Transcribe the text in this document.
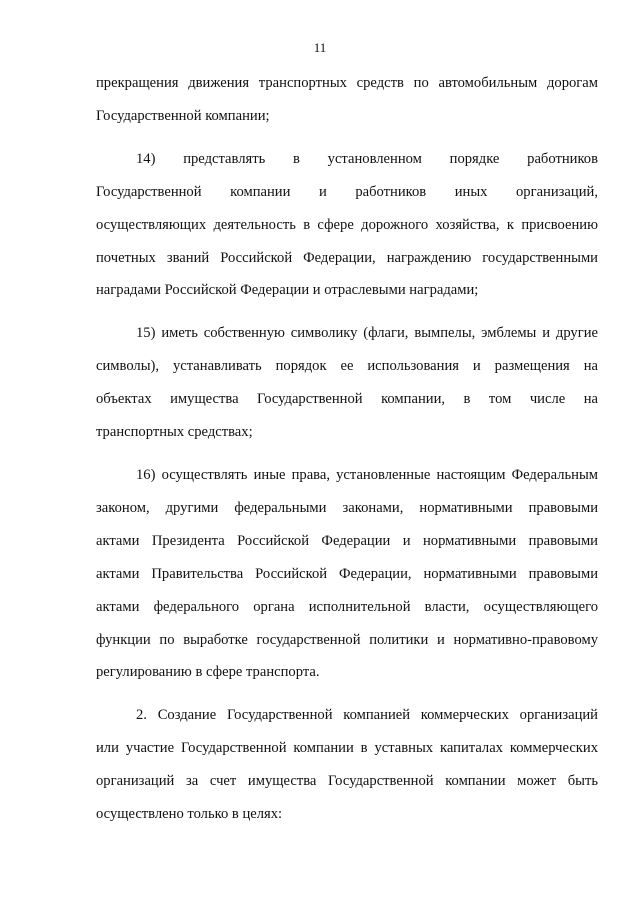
11
прекращения движения транспортных средств по автомобильным дорогам
Государственной компании;
14) представлять в установленном порядке работников
Государственной компании и работников иных организаций,
осуществляющих деятельность в сфере дорожного хозяйства, к присвоению
почетных званий Российской Федерации, награждению государственными
наградами Российской Федерации и отраслевыми наградами;
15) иметь собственную символику (флаги, вымпелы, эмблемы и другие
символы), устанавливать порядок ее использования и размещения на
объектах имущества Государственной компании, в том числе на
транспортных средствах;
16) осуществлять иные права, установленные настоящим Федеральным
законом, другими федеральными законами, нормативными правовыми
актами Президента Российской Федерации и нормативными правовыми
актами Правительства Российской Федерации, нормативными правовыми
актами федерального органа исполнительной власти, осуществляющего
функции по выработке государственной политики и нормативно-правовому
регулированию в сфере транспорта.
2. Создание Государственной компанией коммерческих организаций
или участие Государственной компании в уставных капиталах коммерческих
организаций за счет имущества Государственной компании может быть
осуществлено только в целях:
